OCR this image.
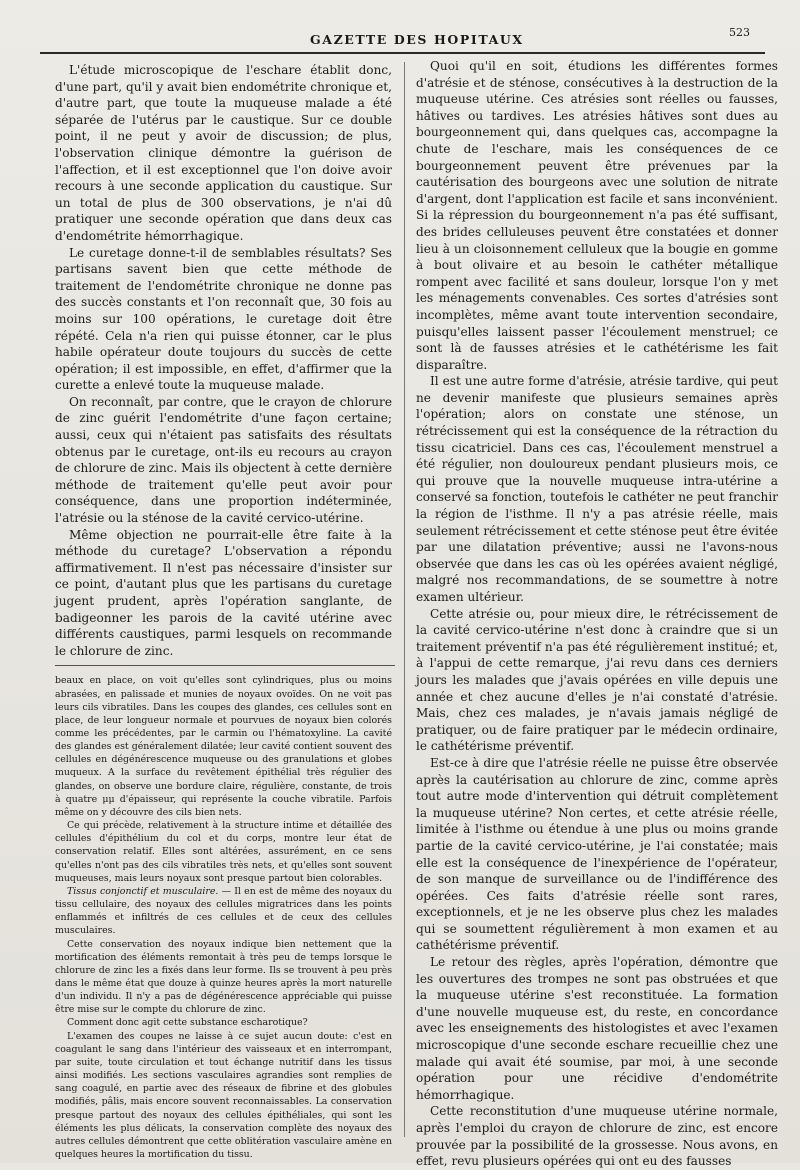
GAZETTE DES HOPITAUX	523

L'étude microscopique de l'eschare établit donc, d'une part, qu'il y avait bien endométrite chronique et, d'autre part, que toute la muqueuse malade a été séparée de l'utérus par le caustique. Sur ce double point, il ne peut y avoir de discussion; de plus, l'observation clinique démontre la guérison de l'affection, et il est exceptionnel que l'on doive avoir recours à une seconde application du caustique. Sur un total de plus de 300 observations, je n'ai dû pratiquer une seconde opération que dans deux cas d'endométrite hémorrhagique.

Le curetage donne-t-il de semblables résultats? Ses partisans savent bien que cette méthode de traitement de l'endométrite chronique ne donne pas des succès constants et l'on reconnaît que, 30 fois au moins sur 100 opérations, le curetage doit être répété. Cela n'a rien qui puisse étonner, car le plus habile opérateur doute toujours du succès de cette opération; il est impossible, en effet, d'affirmer que la curette a enlevé toute la muqueuse malade.

On reconnaît, par contre, que le crayon de chlorure de zinc guérit l'endométrite d'une façon certaine; aussi, ceux qui n'étaient pas satisfaits des résultats obtenus par le curetage, ont-ils eu recours au crayon de chlorure de zinc. Mais ils objectent à cette dernière méthode de traitement qu'elle peut avoir pour conséquence, dans une proportion indéterminée, l'atrésie ou la sténose de la cavité cervico-utérine.

Même objection ne pourrait-elle être faite à la méthode du curetage? L'observation a répondu affirmativement. Il n'est pas nécessaire d'insister sur ce point, d'autant plus que les partisans du curetage jugent prudent, après l'opération sanglante, de badigeonner les parois de la cavité utérine avec différents caustiques, parmi lesquels on recommande le chlorure de zinc.

beaux en place, on voit qu'elles sont cylindriques, plus ou moins abrasées, en palissade et munies de noyaux ovoïdes. On ne voit pas leurs cils vibratiles. Dans les coupes des glandes, ces cellules sont en place, de leur longueur normale et pourvues de noyaux bien colorés comme les précédentes, par le carmin ou l'hématoxyline. La cavité des glandes est généralement dilatée; leur cavité contient souvent des cellules en dégénérescence muqueuse ou des granulations et globes muqueux. A la surface du revêtement épithélial très régulier des glandes, on observe une bordure claire, régulière, constante, de trois à quatre μμ d'épaisseur, qui représente la couche vibratile. Parfois même on y découvre des cils bien nets.

Ce qui précède, relativement à la structure intime et détaillée des cellules d'épithélium du col et du corps, montre leur état de conservation relatif. Elles sont altérées, assurément, en ce sens qu'elles n'ont pas des cils vibratiles très nets, et qu'elles sont souvent muqueuses, mais leurs noyaux sont presque partout bien colorables.

Tissus conjonctif et musculaire. — Il en est de même des noyaux du tissu cellulaire, des noyaux des cellules migratrices dans les points enflammés et infiltrés de ces cellules et de ceux des cellules musculaires.

Cette conservation des noyaux indique bien nettement que la mortification des éléments remontait à très peu de temps lorsque le chlorure de zinc les a fixés dans leur forme. Ils se trouvent à peu près dans le même état que douze à quinze heures après la mort naturelle d'un individu. Il n'y a pas de dégénérescence appréciable qui puisse être mise sur le compte du chlorure de zinc.

Comment donc agit cette substance escharotique?

L'examen des coupes ne laisse à ce sujet aucun doute: c'est en coagulant le sang dans l'intérieur des vaisseaux et en interrompant, par suite, toute circulation et tout échange nutritif dans les tissus ainsi modifiés. Les sections vasculaires agrandies sont remplies de sang coagulé, en partie avec des réseaux de fibrine et des globules modifiés, pâlis, mais encore souvent reconnaissables. La conservation presque partout des noyaux des cellules épithéliales, qui sont les éléments les plus délicats, la conservation complète des noyaux des autres cellules démontrent que cette oblitération vasculaire amène en quelques heures la mortification du tissu.

Quoi qu'il en soit, étudions les différentes formes d'atrésie et de sténose, consécutives à la destruction de la muqueuse utérine. Ces atrésies sont réelles ou fausses, hâtives ou tardives. Les atrésies hâtives sont dues au bourgeonnement qui, dans quelques cas, accompagne la chute de l'eschare, mais les conséquences de ce bourgeonnement peuvent être prévenues par la cautérisation des bourgeons avec une solution de nitrate d'argent, dont l'application est facile et sans inconvénient. Si la répression du bourgeonnement n'a pas été suffisant, des brides celluleuses peuvent être constatées et donner lieu à un cloisonnement celluleux que la bougie en gomme à bout olivaire et au besoin le cathéter métallique rompent avec facilité et sans douleur, lorsque l'on y met les ménagements convenables. Ces sortes d'atrésies sont incomplètes, même avant toute intervention secondaire, puisqu'elles laissent passer l'écoulement menstruel; ce sont là de fausses atrésies et le cathétérisme les fait disparaître.

Il est une autre forme d'atrésie, atrésie tardive, qui peut ne devenir manifeste que plusieurs semaines après l'opération; alors on constate une sténose, un rétrécissement qui est la conséquence de la rétraction du tissu cicatriciel. Dans ces cas, l'écoulement menstruel a été régulier, non douloureux pendant plusieurs mois, ce qui prouve que la nouvelle muqueuse intra-utérine a conservé sa fonction, toutefois le cathéter ne peut franchir la région de l'isthme. Il n'y a pas atrésie réelle, mais seulement rétrécissement et cette sténose peut être évitée par une dilatation préventive; aussi ne l'avons-nous observée que dans les cas où les opérées avaient négligé, malgré nos recommandations, de se soumettre à notre examen ultérieur.

Cette atrésie ou, pour mieux dire, le rétrécissement de la cavité cervico-utérine n'est donc à craindre que si un traitement préventif n'a pas été régulièrement institué; et, à l'appui de cette remarque, j'ai revu dans ces derniers jours les malades que j'avais opérées en ville depuis une année et chez aucune d'elles je n'ai constaté d'atrésie. Mais, chez ces malades, je n'avais jamais négligé de pratiquer, ou de faire pratiquer par le médecin ordinaire, le cathétérisme préventif.

Est-ce à dire que l'atrésie réelle ne puisse être observée après la cautérisation au chlorure de zinc, comme après tout autre mode d'intervention qui détruit complètement la muqueuse utérine? Non certes, et cette atrésie réelle, limitée à l'isthme ou étendue à une plus ou moins grande partie de la cavité cervico-utérine, je l'ai constatée; mais elle est la conséquence de l'inexpérience de l'opérateur, de son manque de surveillance ou de l'indifférence des opérées. Ces faits d'atrésie réelle sont rares, exceptionnels, et je ne les observe plus chez les malades qui se soumettent régulièrement à mon examen et au cathétérisme préventif.

Le retour des règles, après l'opération, démontre que les ouvertures des trompes ne sont pas obstruées et que la muqueuse utérine s'est reconstituée. La formation d'une nouvelle muqueuse est, du reste, en concordance avec les enseignements des histologistes et avec l'examen microscopique d'une seconde eschare recueillie chez une malade qui avait été soumise, par moi, à une seconde opération pour une récidive d'endométrite hémorrhagique.

Cette reconstitution d'une muqueuse utérine normale, après l'emploi du crayon de chlorure de zinc, est encore prouvée par la possibilité de la grossesse. Nous avons, en effet, revu plusieurs opérées qui ont eu des fausses
